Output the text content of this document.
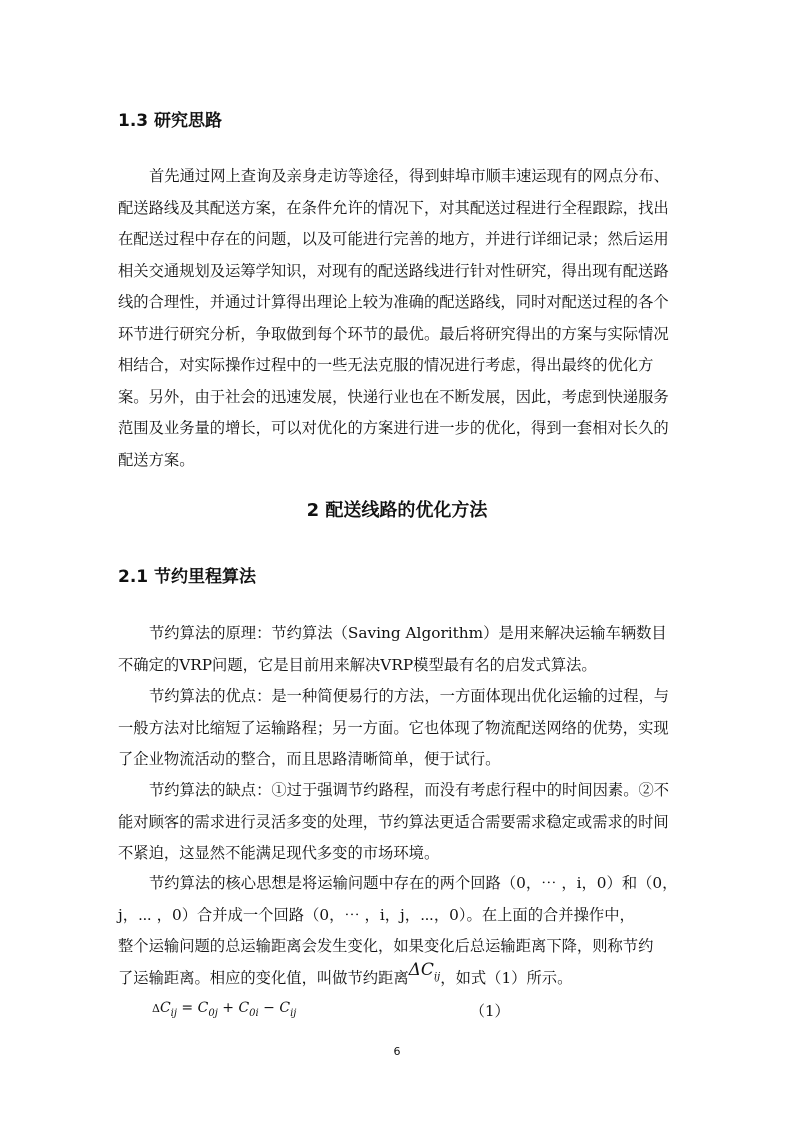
1.3 研究思路

首先通过网上查询及亲身走访等途径，得到蚌埠市顺丰速运现有的网点分布、配送路线及其配送方案，在条件允许的情况下，对其配送过程进行全程跟踪，找出在配送过程中存在的问题，以及可能进行完善的地方，并进行详细记录；然后运用相关交通规划及运筹学知识，对现有的配送路线进行针对性研究，得出现有配送路线的合理性，并通过计算得出理论上较为准确的配送路线，同时对配送过程的各个环节进行研究分析，争取做到每个环节的最优。最后将研究得出的方案与实际情况相结合，对实际操作过程中的一些无法克服的情况进行考虑，得出最终的优化方案。另外，由于社会的迅速发展，快递行业也在不断发展，因此，考虑到快递服务范围及业务量的增长，可以对优化的方案进行进一步的优化，得到一套相对长久的配送方案。

2 配送线路的优化方法
2.1 节约里程算法

节约算法的原理：节约算法（Saving Algorithm）是用来解决运输车辆数目不确定的VRP问题，它是目前用来解决VRP模型最有名的启发式算法。

节约算法的优点：是一种简便易行的方法，一方面体现出优化运输的过程，与一般方法对比缩短了运输路程；另一方面。它也体现了物流配送网络的优势，实现了企业物流活动的整合，而且思路清晰简单，便于试行。

节约算法的缺点：①过于强调节约路程，而没有考虑行程中的时间因素。②不能对顾客的需求进行灵活多变的处理，节约算法更适合需要需求稳定或需求的时间不紧迫，这显然不能满足现代多变的市场环境。

节约算法的核心思想是将运输问题中存在的两个回路（0，⋯ ，i，0）和（0，
j，⋯ ，0）合并成一个回路（0，⋯ ，i，j，⋯，0）。在上面的合并操作中，
整个运输问题的总运输距离会发生变化，如果变化后总运输距离下降，则称节约
了运输距离。相应的变化值，叫做节约距离$\Delta C_{ij}$，如式（1）所示。

$\Delta C_{ij} = C_{0j} + C_{0i} - C_{ij}$	（1）
6
